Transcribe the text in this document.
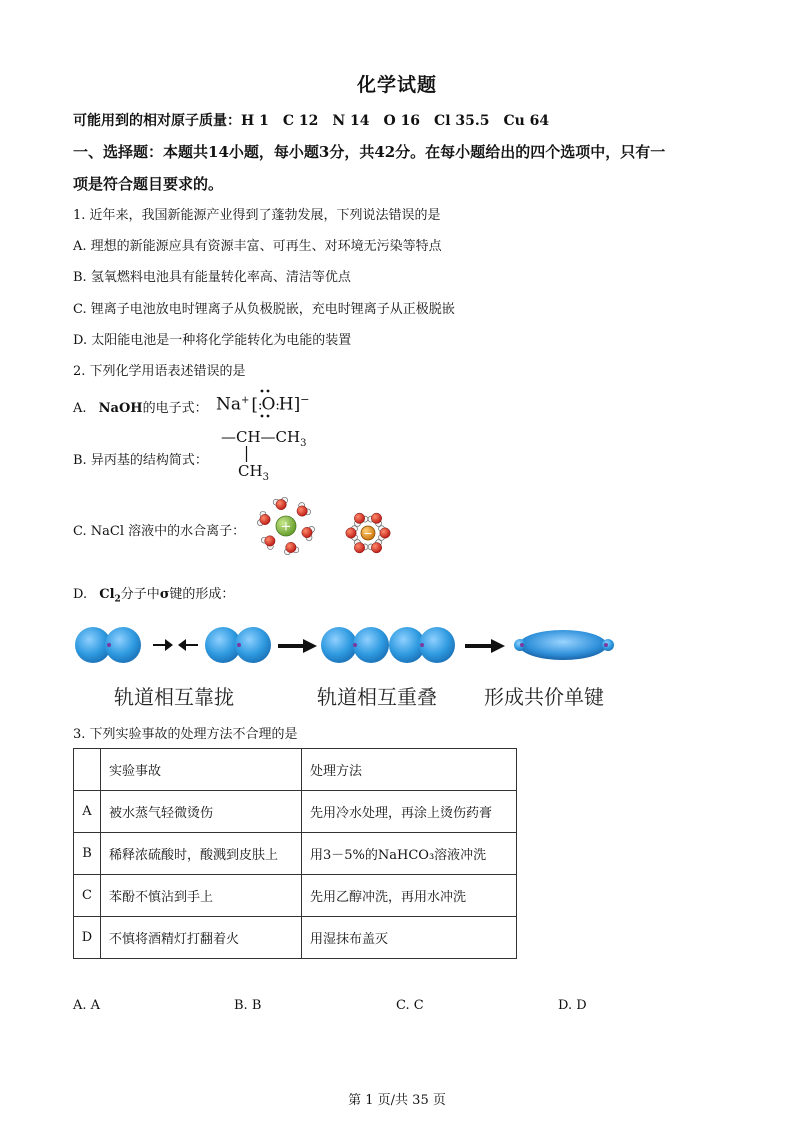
化学试题
可能用到的相对原子质量：H 1　C 12　N 14　O 16　Cl 35.5　Cu 64
一、选择题：本题共14小题，每小题3分，共42分。在每小题给出的四个选项中，只有一
项是符合题目要求的。
1. 近年来，我国新能源产业得到了蓬勃发展，下列说法错误的是
A. 理想的新能源应具有资源丰富、可再生、对环境无污染等特点
B. 氢氧燃料电池具有能量转化率高、清洁等优点
C. 锂离子电池放电时锂离子从负极脱嵌，充电时锂离子从正极脱嵌
D. 太阳能电池是一种将化学能转化为电能的装置
2. 下列化学用语表述错误的是
A. NaOH的电子式： Na+ [:O:H]−
B. 异丙基的结构简式：
$—CH—CH_3$
$CH_3$
C. NaCl 溶液中的水合离子：	+	−
D. $Cl_2$分子中σ键的形成：
轨道相互靠拢	轨道相互重叠 形成共价单键
3. 下列实验事故的处理方法不合理的是
	实验事故	处理方法
A	被水蒸气轻微烫伤	先用冷水处理，再涂上烫伤药膏
B	稀释浓硫酸时，酸溅到皮肤上	用3－5%的NaHCO₃溶液冲洗
C	苯酚不慎沾到手上	先用乙醇冲洗，再用水冲洗
D	不慎将酒精灯打翻着火	用湿抹布盖灭
A. A	B. B	C. C	D. D
第 1 页/共 35 页
